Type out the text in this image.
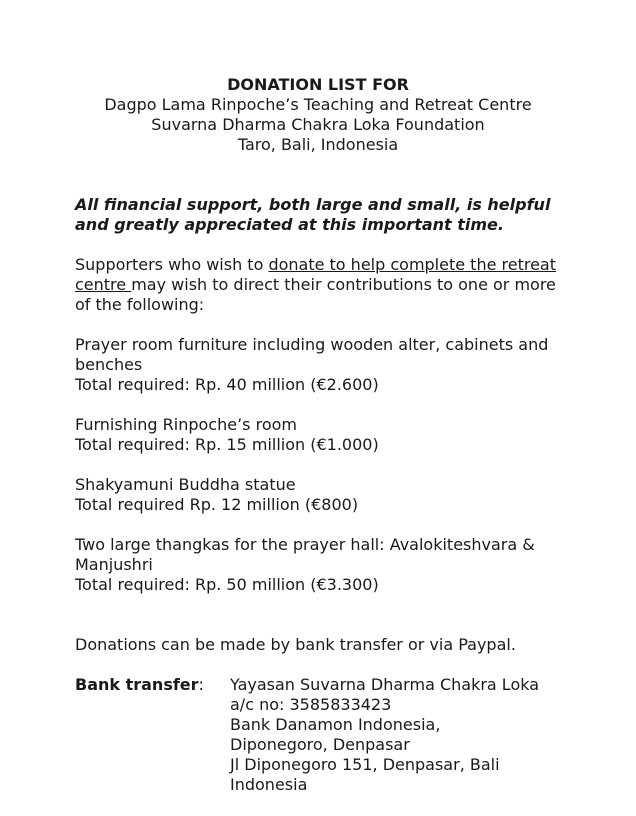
DONATION LIST FOR
Dagpo Lama Rinpoche’s Teaching and Retreat Centre
Suvarna Dharma Chakra Loka Foundation
Taro, Bali, Indonesia

All financial support, both large and small, is helpful and greatly appreciated at this important time.

Supporters who wish to donate to help complete the retreat centre may wish to direct their contributions to one or more of the following:

Prayer room furniture including wooden alter, cabinets and benches
Total required: Rp. 40 million (€2.600)
Furnishing Rinpoche’s room
Total required: Rp. 15 million (€1.000)
Shakyamuni Buddha statue
Total required Rp. 12 million (€800)
Two large thangkas for the prayer hall: Avalokiteshvara & Manjushri
Total required: Rp. 50 million (€3.300)

Donations can be made by bank transfer or via Paypal.

Bank transfer:	Yayasan Suvarna Dharma Chakra Loka
a/c no: 3585833423
Bank Danamon Indonesia,
Diponegoro, Denpasar
Jl Diponegoro 151, Denpasar, Bali
Indonesia
